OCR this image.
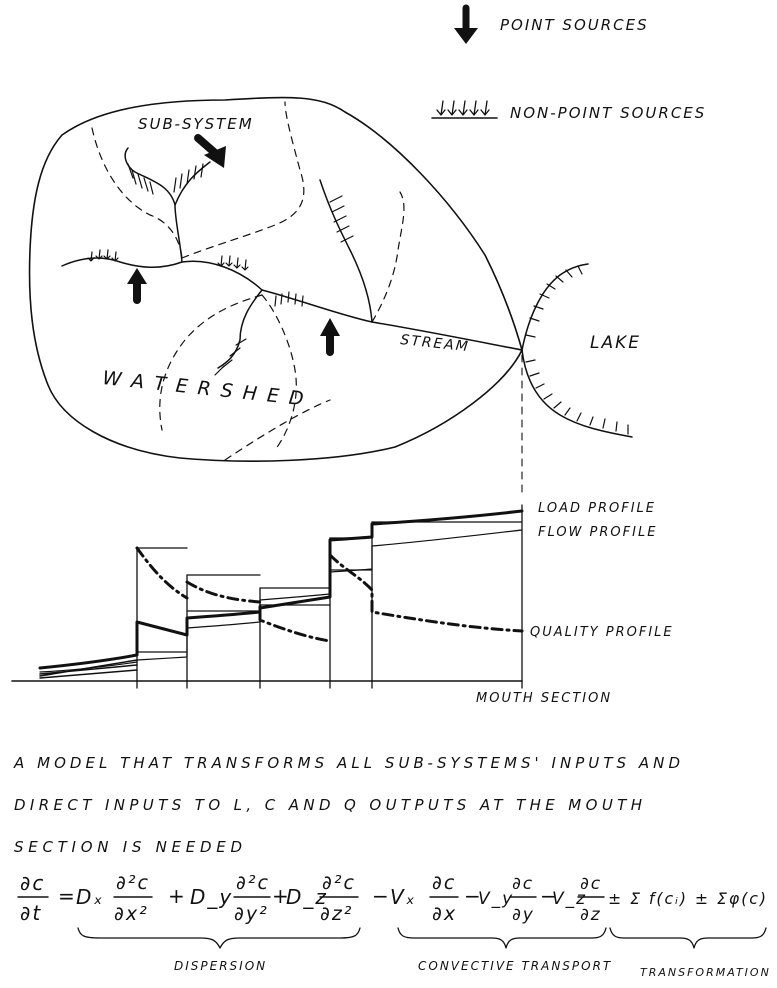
POINT SOURCES
NON-POINT SOURCES
SUB-SYSTEM
STREAM	LAKE
W A T E R S H E D
LOAD PROFILE
FLOW PROFILE
QUALITY PROFILE
MOUTH SECTION
A MODEL THAT TRANSFORMS ALL SUB-SYSTEMS' INPUTS AND
DIRECT INPUTS TO L, C AND Q OUTPUTS AT THE MOUTH
SECTION IS NEEDED
∂c
∂t
= Dₓ
∂²c
∂x²
+ D_y
∂²c
∂y²
+
D_z
∂²c
∂z²
− Vₓ
∂c
∂x
−
V_y
∂c
∂y
−
V_z
∂c
∂z
± Σ f(cᵢ) ± Σφ(c)
DISPERSION	CONVECTIVE TRANSPORT	TRANSFORMATION
